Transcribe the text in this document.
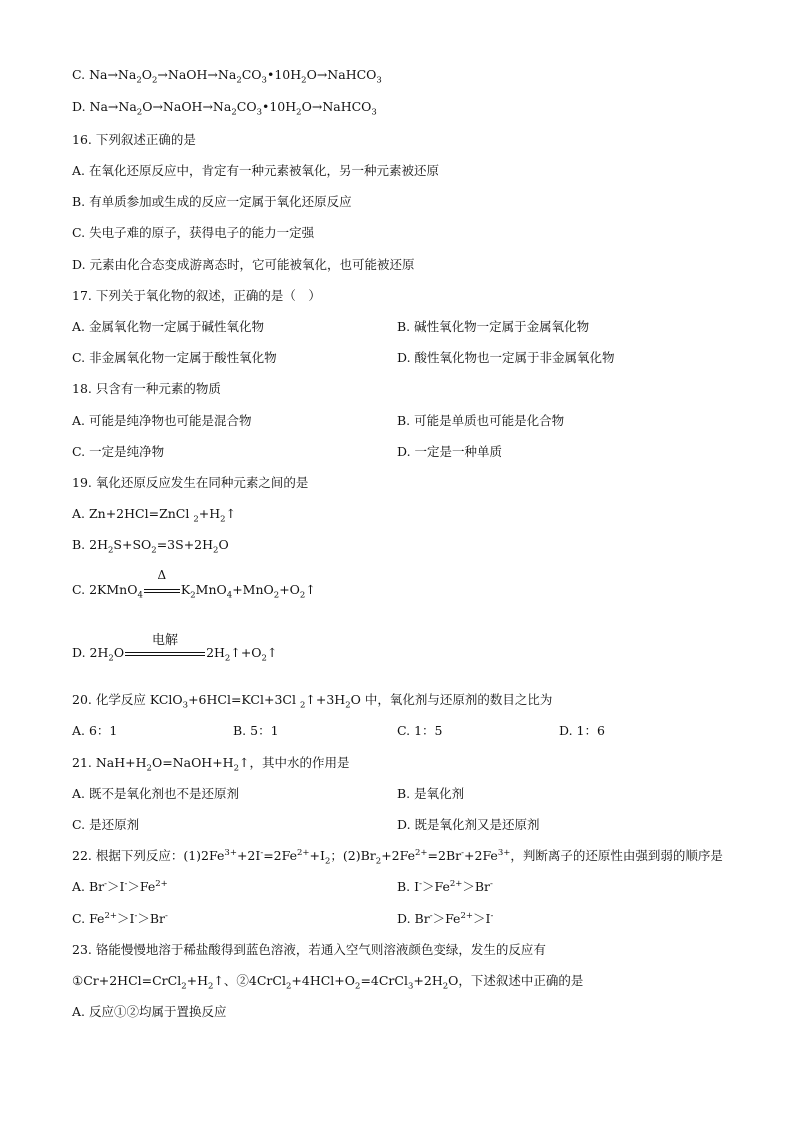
C. $Na\to Na_2O_2\to NaOH\to Na_2CO_3•10H_2O\to NaHCO_3$
D. $Na\to Na_2O\to NaOH\to Na_2CO_3•10H_2O\to NaHCO_3$
16. 下列叙述正确的是
A. 在氧化还原反应中，肯定有一种元素被氧化，另一种元素被还原
B. 有单质参加或生成的反应一定属于氧化还原反应
C. 失电子难的原子，获得电子的能力一定强
D. 元素由化合态变成游离态时，它可能被氧化，也可能被还原
17. 下列关于氧化物的叙述，正确的是（　）
A. 金属氧化物一定属于碱性氧化物	B. 碱性氧化物一定属于金属氧化物
C. 非金属氧化物一定属于酸性氧化物	D. 酸性氧化物也一定属于非金属氧化物
18. 只含有一种元素的物质
A. 可能是纯净物也可能是混合物	B. 可能是单质也可能是化合物
C. 一定是纯净物	D. 一定是一种单质
19. 氧化还原反应发生在同种元素之间的是
A. Zn+2HCl=ZnCl $_2+H_2↑$
B. $2H_2S+SO_2=3S+2H_2O$
C. 2KMnO$_4$
Δ
$K_2MnO_4+MnO_2+O_2↑$
D. $2H_2O$
电解
$2H_2↑+O_2↑$
20. 化学反应 KClO$_3$+6HCl=KCl+3Cl $_2↑+3H_2O$ 中，氧化剂与还原剂的数目之比为
A. 6：1	B. 5：1	C. 1：5	D. 1：6
21. $NaH+H_2O=NaOH+H_2↑$，其中水的作用是
A. 既不是氧化剂也不是还原剂	B. 是氧化剂
C. 是还原剂	D. 既是氧化剂又是还原剂
22. 根据下列反应：$(1)2Fe^{3+}+2I^-=2Fe^{2+}+I_2$；$(2)Br_2+2Fe^{2+}=2Br^-+2Fe^{3+}$，判断离子的还原性由强到弱的顺序是
A. $Br^->I^->Fe^{2+}$	B. $I^->Fe^{2+}>Br^-$
C. $Fe^{2+}>I^->Br^-$	D. $Br^->Fe^{2+}>I^-$
23. 铬能慢慢地溶于稀盐酸得到蓝色溶液，若通入空气则溶液颜色变绿，发生的反应有
$①Cr+2HCl=CrCl_2+H_2↑$、$②4CrCl_2+4HCl+O_2=4CrCl_3+2H_2O$，下述叙述中正确的是
A. 反应①②均属于置换反应
